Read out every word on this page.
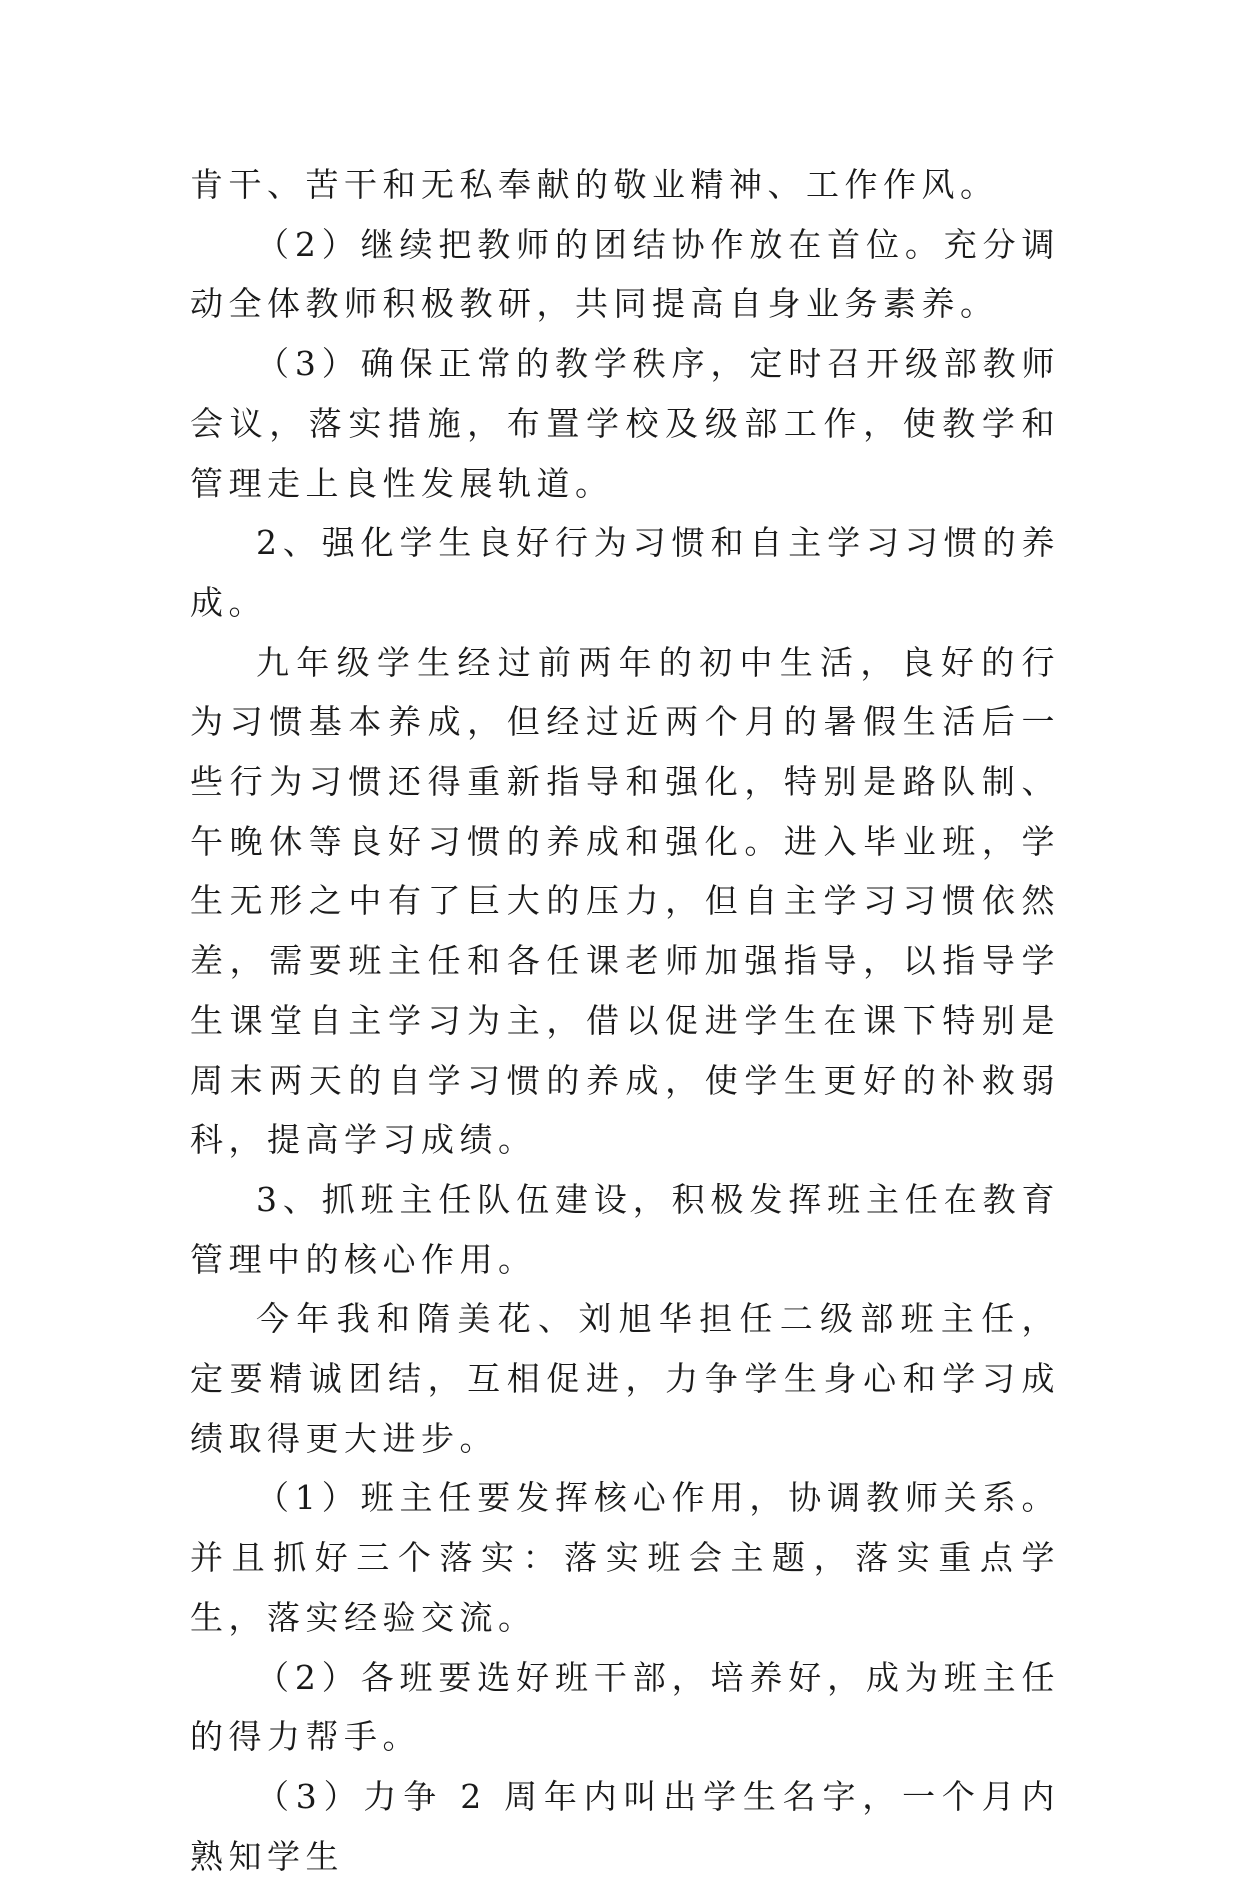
肯干、苦干和无私奉献的敬业精神、工作作风。

（2）继续把教师的团结协作放在首位。充分调动全体教师积极教研，共同提高自身业务素养。

（3）确保正常的教学秩序，定时召开级部教师会议，落实措施，布置学校及级部工作，使教学和管理走上良性发展轨道。

2、强化学生良好行为习惯和自主学习习惯的养成。

九年级学生经过前两年的初中生活，良好的行为习惯基本养成，但经过近两个月的暑假生活后一些行为习惯还得重新指导和强化，特别是路队制、午晚休等良好习惯的养成和强化。进入毕业班，学生无形之中有了巨大的压力，但自主学习习惯依然差，需要班主任和各任课老师加强指导，以指导学生课堂自主学习为主，借以促进学生在课下特别是周末两天的自学习惯的养成，使学生更好的补救弱科，提高学习成绩。

3、抓班主任队伍建设，积极发挥班主任在教育管理中的核心作用。

今年我和隋美花、刘旭华担任二级部班主任，定要精诚团结，互相促进，力争学生身心和学习成绩取得更大进步。

（1）班主任要发挥核心作用，协调教师关系。并且抓好三个落实：落实班会主题，落实重点学生，落实经验交流。

（2）各班要选好班干部，培养好，成为班主任的得力帮手。

（3）力争 2 周年内叫出学生名字，一个月内熟知学生
